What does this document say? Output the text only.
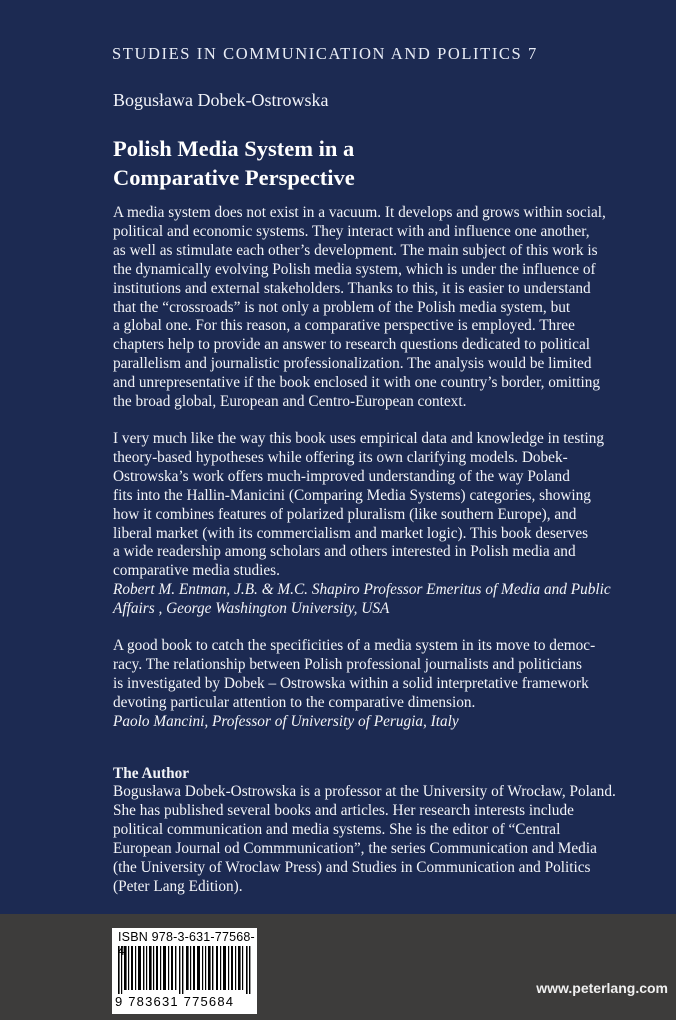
STUDIES IN COMMUNICATION AND POLITICS 7
Bogusława Dobek-Ostrowska
Polish Media System in a
Comparative Perspective
A media system does not exist in a vacuum. It develops and grows within social,
political and economic systems. They interact with and influence one another,
as well as stimulate each other’s development. The main subject of this work is
the dynamically evolving Polish media system, which is under the influence of
institutions and external stakeholders. Thanks to this, it is easier to understand
that the “crossroads” is not only a problem of the Polish media system, but
a global one. For this reason, a comparative perspective is employed. Three
chapters help to provide an answer to research questions dedicated to political
parallelism and journalistic professionalization. The analysis would be limited
and unrepresentative if the book enclosed it with one country’s border, omitting
the broad global, European and Centro-European context.
I very much like the way this book uses empirical data and knowledge in testing
theory-based hypotheses while offering its own clarifying models. Dobek-
Ostrowska’s work offers much-improved understanding of the way Poland
fits into the Hallin-Manicini (Comparing Media Systems) categories, showing
how it combines features of polarized pluralism (like southern Europe), and
liberal market (with its commercialism and market logic). This book deserves
a wide readership among scholars and others interested in Polish media and
comparative media studies.
Robert M. Entman, J.B. & M.C. Shapiro Professor Emeritus of Media and Public
Affairs , George Washington University, USA
A good book to catch the specificities of a media system in its move to democ-
racy. The relationship between Polish professional journalists and politicians
is investigated by Dobek – Ostrowska within a solid interpretative framework
devoting particular attention to the comparative dimension.
Paolo Mancini, Professor of University of Perugia, Italy
The Author
Bogusława Dobek-Ostrowska is a professor at the University of Wrocław, Poland.
She has published several books and articles. Her research interests include
political communication and media systems. She is the editor of “Central
European Journal od Commmunication”, the series Communication and Media
(the University of Wroclaw Press) and Studies in Communication and Politics
(Peter Lang Edition).
ISBN 978-3-631-77568-4
9 783631 775684
www.peterlang.com
